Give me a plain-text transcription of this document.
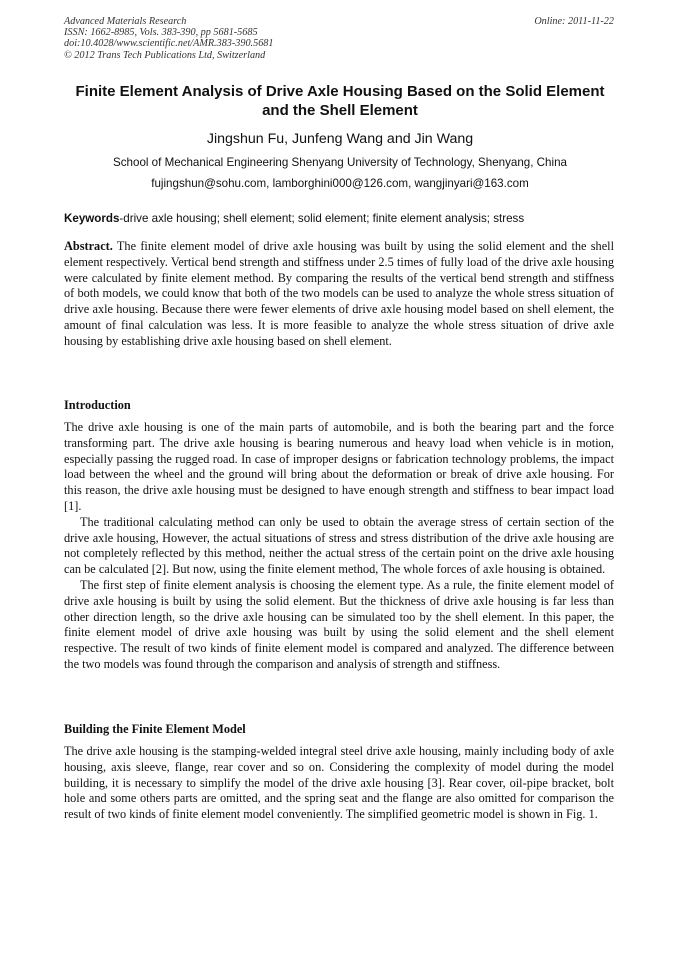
Advanced Materials Research
ISSN: 1662-8985, Vols. 383-390, pp 5681-5685
doi:10.4028/www.scientific.net/AMR.383-390.5681
© 2012 Trans Tech Publications Ltd, Switzerland
Online: 2011-11-22
Finite Element Analysis of Drive Axle Housing Based on the Solid Element and the Shell Element
Jingshun Fu, Junfeng Wang and Jin Wang
School of Mechanical Engineering Shenyang University of Technology, Shenyang, China
fujingshun@sohu.com, lamborghini000@126.com, wangjinyari@163.com
Keywords-drive axle housing; shell element; solid element; finite element analysis; stress

Abstract. The finite element model of drive axle housing was built by using the solid element and the shell element respectively. Vertical bend strength and stiffness under 2.5 times of fully load of the drive axle housing were calculated by finite element method. By comparing the results of the vertical bend strength and stiffness of both models, we could know that both of the two models can be used to analyze the whole stress situation of drive axle housing. Because there were fewer elements of drive axle housing model based on shell element, the amount of final calculation was less. It is more feasible to analyze the whole stress situation of drive axle housing by establishing drive axle housing based on shell element.

Introduction

The drive axle housing is one of the main parts of automobile, and is both the bearing part and the force transforming part. The drive axle housing is bearing numerous and heavy load when vehicle is in motion, especially passing the rugged road. In case of improper designs or fabrication technology problems, the impact load between the wheel and the ground will bring about the deformation or break of drive axle housing. For this reason, the drive axle housing must be designed to have enough strength and stiffness to bear impact load [1].

The traditional calculating method can only be used to obtain the average stress of certain section of the drive axle housing, However, the actual situations of stress and stress distribution of the drive axle housing are not completely reflected by this method, neither the actual stress of the certain point on the drive axle housing can be calculated [2]. But now, using the finite element method, The whole forces of axle housing is obtained.

The first step of finite element analysis is choosing the element type. As a rule, the finite element model of drive axle housing is built by using the solid element. But the thickness of drive axle housing is far less than other direction length, so the drive axle housing can be simulated too by the shell element. In this paper, the finite element model of drive axle housing was built by using the solid element and the shell element respective. The result of two kinds of finite element model is compared and analyzed. The difference between the two models was found through the comparison and analysis of strength and stiffness.

Building the Finite Element Model

The drive axle housing is the stamping-welded integral steel drive axle housing, mainly including body of axle housing, axis sleeve, flange, rear cover and so on. Considering the complexity of model during the model building, it is necessary to simplify the model of the drive axle housing [3]. Rear cover, oil-pipe bracket, bolt hole and some others parts are omitted, and the spring seat and the flange are also omitted for comparison the result of two kinds of finite element model conveniently. The simplified geometric model is shown in Fig. 1.
